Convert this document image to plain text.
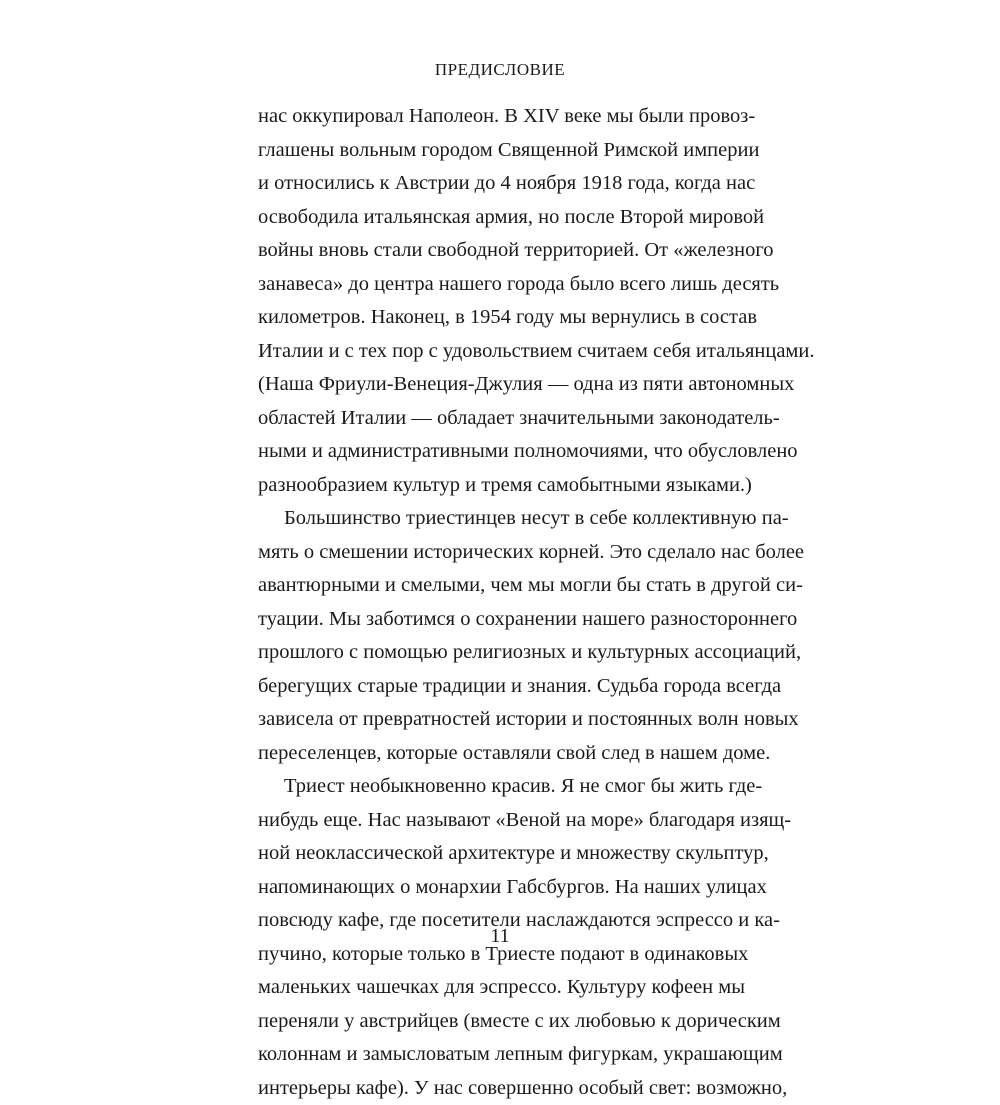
ПРЕДИСЛОВИЕ
нас оккупировал Наполеон. В XIV веке мы были провоз-
глашены вольным городом Священной Римской империи
и относились к Австрии до 4 ноября 1918 года, когда нас
освободила итальянская армия, но после Второй мировой
войны вновь стали свободной территорией. От «железного
занавеса» до центра нашего города было всего лишь десять
километров. Наконец, в 1954 году мы вернулись в состав
Италии и с тех пор с удовольствием считаем себя итальянцами.
(Наша Фриули-Венеция-Джулия — одна из пяти автономных
областей Италии — обладает значительными законодатель-
ными и административными полномочиями, что обусловлено
разнообразием культур и тремя самобытными языками.)
Большинство триестинцев несут в себе коллективную па-
мять о смешении исторических корней. Это сделало нас более
авантюрными и смелыми, чем мы могли бы стать в другой си-
туации. Мы заботимся о сохранении нашего разностороннего
прошлого с помощью религиозных и культурных ассоциаций,
берегущих старые традиции и знания. Судьба города всегда
зависела от превратностей истории и постоянных волн новых
переселенцев, которые оставляли свой след в нашем доме.
Триест необыкновенно красив. Я не смог бы жить где-
нибудь еще. Нас называют «Веной на море» благодаря изящ-
ной неоклассической архитектуре и множеству скульптур,
напоминающих о монархии Габсбургов. На наших улицах
повсюду кафе, где посетители наслаждаются эспрессо и ка-
пучино, которые только в Триесте подают в одинаковых
маленьких чашечках для эспрессо. Культуру кофеен мы
переняли у австрийцев (вместе с их любовью к дорическим
колоннам и замысловатым лепным фигуркам, украшающим
интерьеры кафе). У нас совершенно особый свет: возможно,
11
